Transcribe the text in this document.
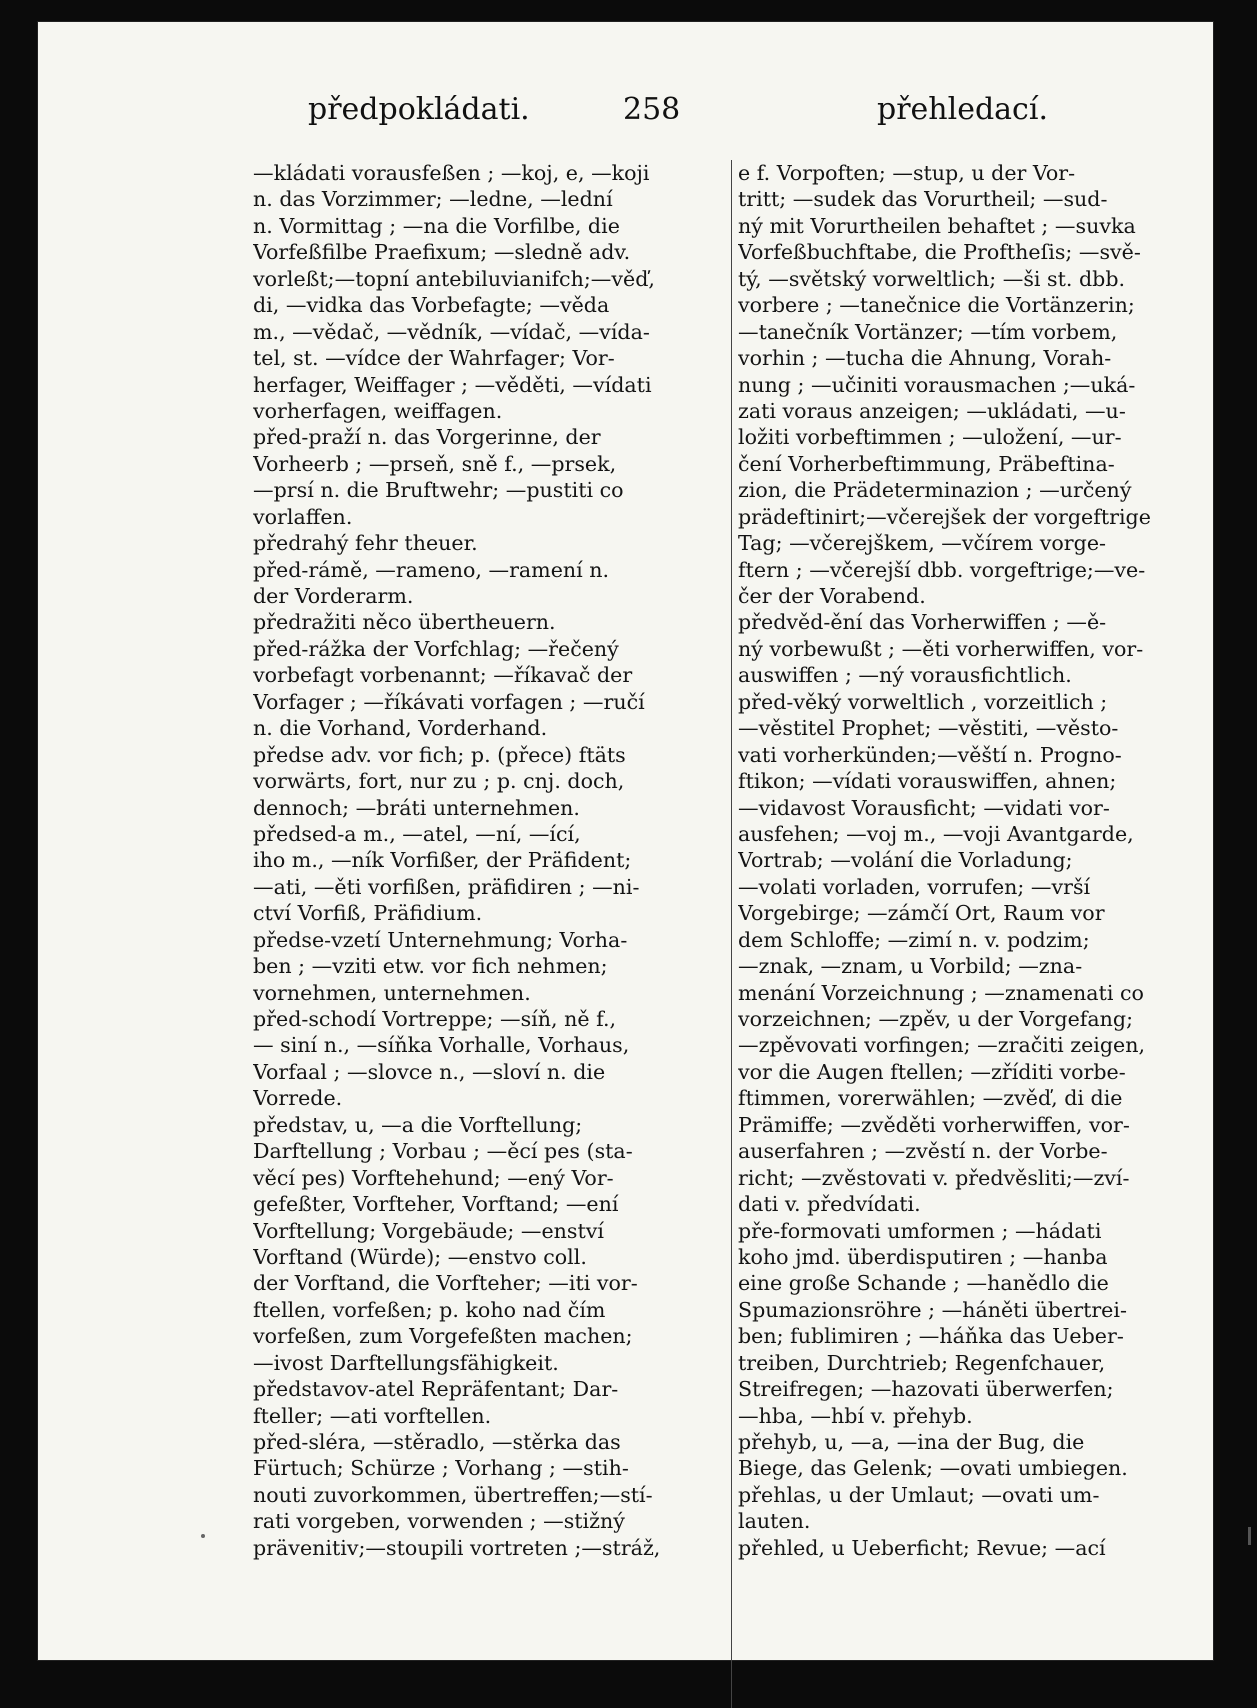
předpokládati.	258	přehledací.
—kládati vorausfeßen ; —koj, e, —koji
n. das Vorzimmer; —ledne, —lední
n. Vormittag ; —na die Vorfilbe, die
Vorfeßfilbe Praefixum; —sledně adv.
vorleßt;—topní antebiluvianifch;—věď,
di, —vidka das Vorbefagte; —věda
m., —vědač, —vědník, —vídač, —vída-
tel, st. —vídce der Wahrfager; Vor-
herfager, Weiffager ; —věděti, —vídati
vorherfagen, weiffagen.
před-praží n. das Vorgerinne, der
Vorheerb ; —prseň, sně f., —prsek,
—prsí n. die Bruftwehr; —pustiti co
vorlaffen.
předrahý fehr theuer.
před-rámě, —rameno, —ramení n.
der Vorderarm.
předražiti něco übertheuern.
před-rážka der Vorfchlag; —řečený
vorbefagt vorbenannt; —říkavač der
Vorfager ; —říkávati vorfagen ; —ručí
n. die Vorhand, Vorderhand.
předse adv. vor fich; p. (přece) ftäts
vorwärts, fort, nur zu ; p. cnj. doch,
dennoch; —bráti unternehmen.
předsed-a m., —atel, —ní, —ící,
iho m., —ník Vorfißer, der Präfident;
—ati, —ěti vorfißen, präfidiren ; —ni-
ctví Vorfiß, Präfidium.
předse-vzetí Unternehmung; Vorha-
ben ; —vziti etw. vor fich nehmen;
vornehmen, unternehmen.
před-schodí Vortreppe; —síň, ně f.,
— siní n., —síňka Vorhalle, Vorhaus,
Vorfaal ; —slovce n., —sloví n. die
Vorrede.
představ, u, —a die Vorftellung;
Darftellung ; Vorbau ; —ěcí pes (sta-
věcí pes) Vorftehehund; —ený Vor-
gefeßter, Vorfteher, Vorftand; —ení
Vorftellung; Vorgebäude; —enství
Vorftand (Würde); —enstvo coll.
der Vorftand, die Vorfteher; —iti vor-
ftellen, vorfeßen; p. koho nad čím
vorfeßen, zum Vorgefeßten machen;
—ivost Darftellungsfähigkeit.
představov-atel Repräfentant; Dar-
fteller; —ati vorftellen.
před-sléra, —stěradlo, —stěrka das
Fürtuch; Schürze ; Vorhang ; —stih-
nouti zuvorkommen, übertreffen;—stí-
rati vorgeben, vorwenden ; —stižný
prävenitiv;—stoupili vortreten ;—stráž,
e f. Vorpoften; —stup, u der Vor-
tritt; —sudek das Vorurtheil; —sud-
ný mit Vorurtheilen behaftet ; —suvka
Vorfeßbuchftabe, die Proftheſis; —svě-
tý, —světský vorweltlich; —ši st. dbb.
vorbere ; —tanečnice die Vortänzerin;
—tanečník Vortänzer; —tím vorbem,
vorhin ; —tucha die Ahnung, Vorah-
nung ; —učiniti vorausmachen ;—uká-
zati voraus anzeigen; —ukládati, —u-
ložiti vorbeftimmen ; —uložení, —ur-
čení Vorherbeftimmung, Präbeftina-
zion, die Prädeterminazion ; —určený
prädeftinirt;—včerejšek der vorgeftrige
Tag; —včerejškem, —včírem vorge-
ftern ; —včerejší dbb. vorgeftrige;—ve-
čer der Vorabend.
předvěd-ění das Vorherwiffen ; —ě-
ný vorbewußt ; —ěti vorherwiffen, vor-
auswiffen ; —ný vorausfichtlich.
před-věký vorweltlich , vorzeitlich ;
—věstitel Prophet; —věstiti, —věsto-
vati vorherkünden;—věští n. Progno-
ftikon; —vídati vorauswiffen, ahnen;
—vidavost Vorausficht; —vidati vor-
ausfehen; —voj m., —voji Avantgarde,
Vortrab; —volání die Vorladung;
—volati vorladen, vorrufen; —vrší
Vorgebirge; —zámčí Ort, Raum vor
dem Schloffe; —zimí n. v. podzim;
—znak, —znam, u Vorbild; —zna-
menání Vorzeichnung ; —znamenati co
vorzeichnen; —zpěv, u der Vorgefang;
—zpěvovati vorfingen; —zračiti zeigen,
vor die Augen ftellen; —zříditi vorbe-
ftimmen, vorerwählen; —zvěď, di die
Prämiffe; —zvěděti vorherwiffen, vor-
auserfahren ; —zvěstí n. der Vorbe-
richt; —zvěstovati v. předvěsliti;—zví-
dati v. předvídati.
pře-formovati umformen ; —hádati
koho jmd. überdisputiren ; —hanba
eine große Schande ; —hanědlo die
Spumazionsröhre ; —háněti übertrei-
ben; fublimiren ; —háňka das Ueber-
treiben, Durchtrieb; Regenfchauer,
Streifregen; —hazovati überwerfen;
—hba, —hbí v. přehyb.
přehyb, u, —a, —ina der Bug, die
Biege, das Gelenk; —ovati umbiegen.
přehlas, u der Umlaut; —ovati um-
lauten.
přehled, u Ueberficht; Revue; —ací
